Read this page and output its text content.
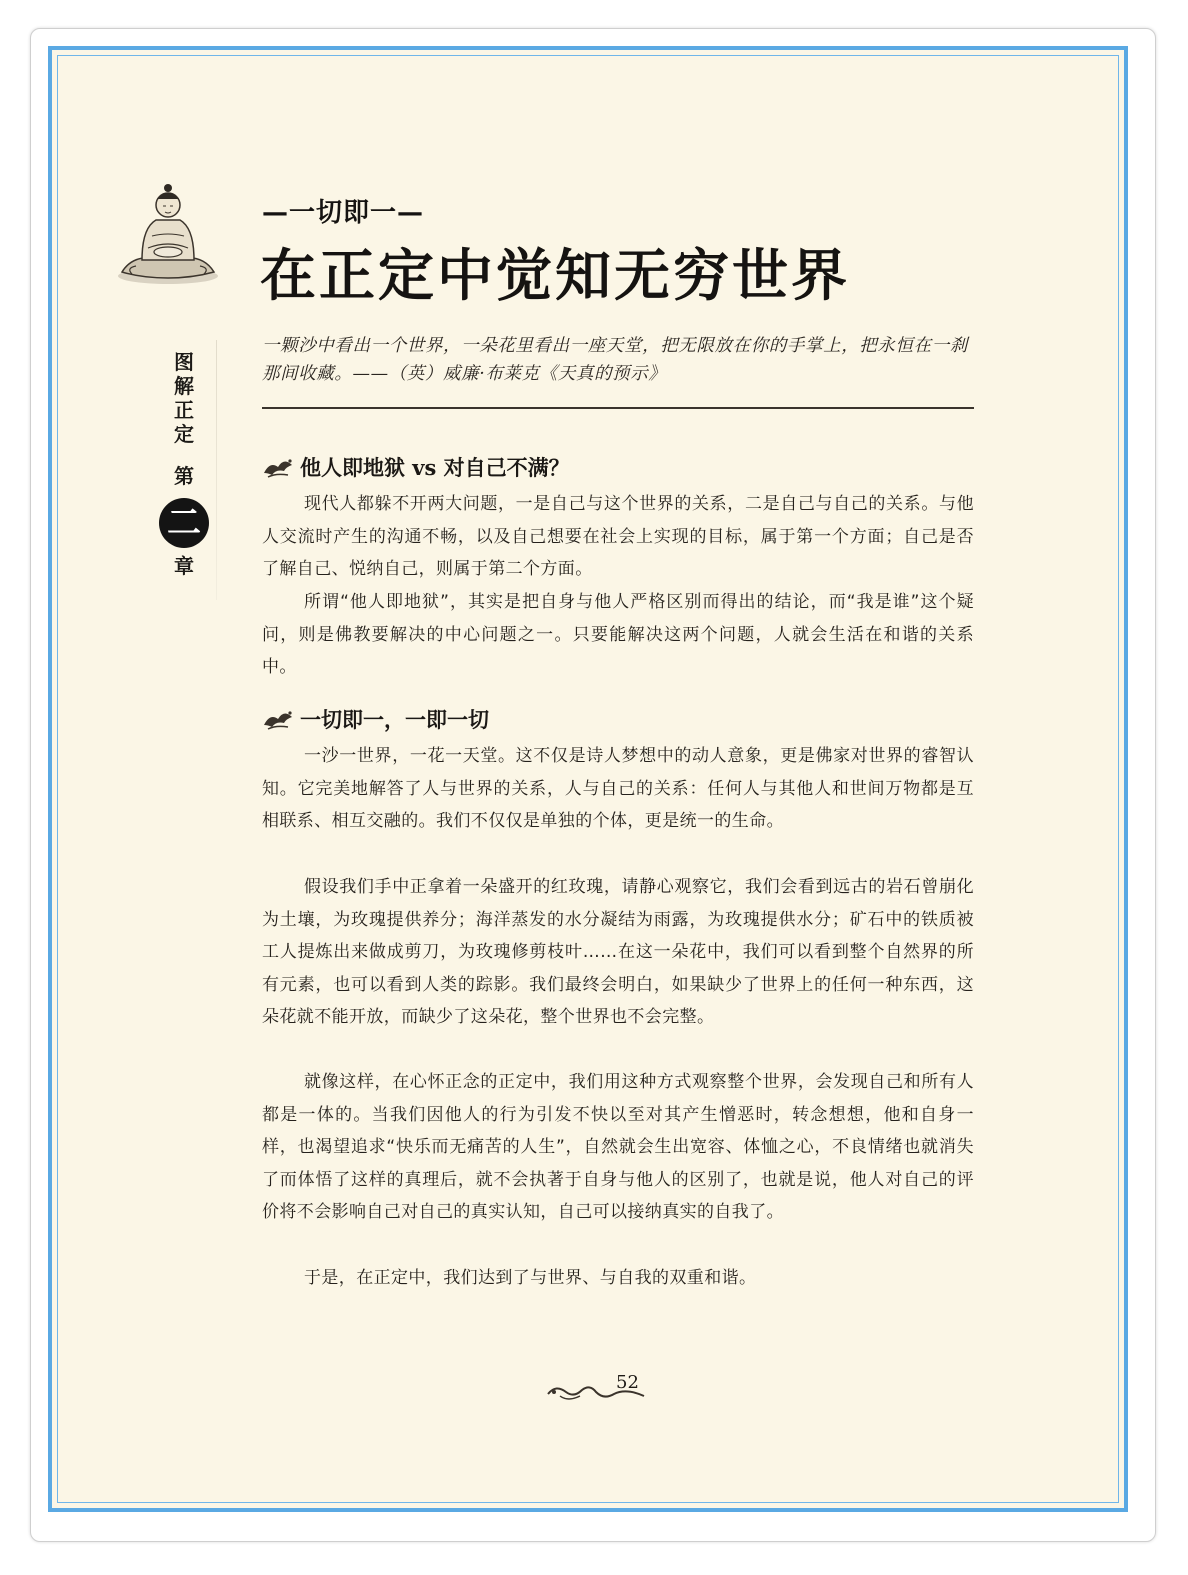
图解正定
第
二
章
—一切即一—
在正定中觉知无穷世界
一颗沙中看出一个世界，一朵花里看出一座天堂，把无限放在你的手掌上，把永恒在一刹那间收藏。——（英）威廉·布莱克《天真的预示》
他人即地狱 vs 对自己不满？
现代人都躲不开两大问题，一是自己与这个世界的关系，二是自己与自己的关系。与他人交流时产生的沟通不畅，以及自己想要在社会上实现的目标，属于第一个方面；自己是否了解自己、悦纳自己，则属于第二个方面。
所谓“他人即地狱”，其实是把自身与他人严格区别而得出的结论，而“我是谁”这个疑问，则是佛教要解决的中心问题之一。只要能解决这两个问题，人就会生活在和谐的关系中。
一切即一，一即一切
一沙一世界，一花一天堂。这不仅是诗人梦想中的动人意象，更是佛家对世界的睿智认知。它完美地解答了人与世界的关系，人与自己的关系：任何人与其他人和世间万物都是互相联系、相互交融的。我们不仅仅是单独的个体，更是统一的生命。
假设我们手中正拿着一朵盛开的红玫瑰，请静心观察它，我们会看到远古的岩石曾崩化为土壤，为玫瑰提供养分；海洋蒸发的水分凝结为雨露，为玫瑰提供水分；矿石中的铁质被工人提炼出来做成剪刀，为玫瑰修剪枝叶……在这一朵花中，我们可以看到整个自然界的所有元素，也可以看到人类的踪影。我们最终会明白，如果缺少了世界上的任何一种东西，这朵花就不能开放，而缺少了这朵花，整个世界也不会完整。
就像这样，在心怀正念的正定中，我们用这种方式观察整个世界，会发现自己和所有人都是一体的。当我们因他人的行为引发不快以至对其产生憎恶时，转念想想，他和自身一样，也渴望追求“快乐而无痛苦的人生”，自然就会生出宽容、体恤之心，不良情绪也就消失了而体悟了这样的真理后，就不会执著于自身与他人的区别了，也就是说，他人对自己的评价将不会影响自己对自己的真实认知，自己可以接纳真实的自我了。
于是，在正定中，我们达到了与世界、与自我的双重和谐。
52
